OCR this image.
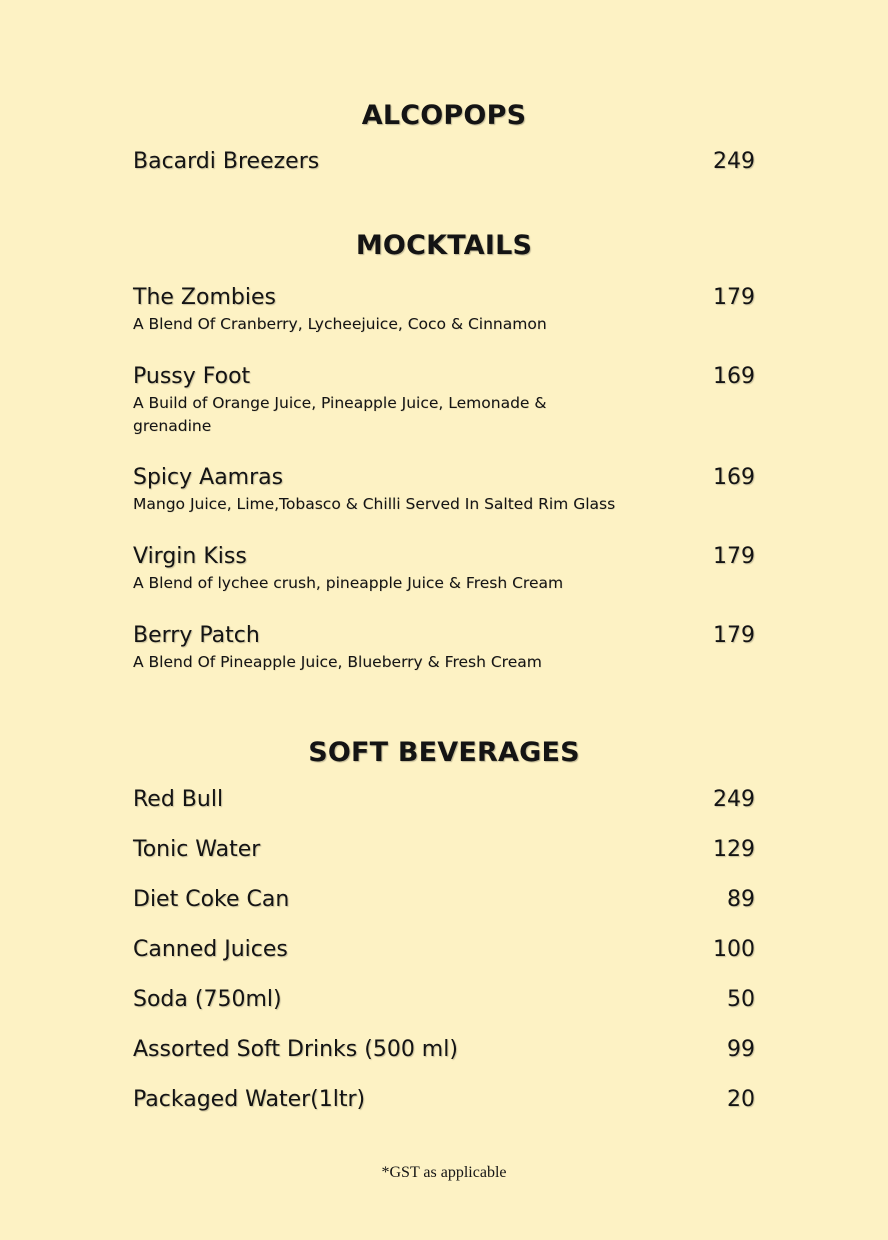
ALCOPOPS
Bacardi Breezers	249
MOCKTAILS
The Zombies	179
A Blend Of Cranberry, Lycheejuice, Coco & Cinnamon
Pussy Foot	169
A Build of Orange Juice, Pineapple Juice, Lemonade & grenadine
Spicy Aamras	169
Mango Juice, Lime,Tobasco & Chilli Served In Salted Rim Glass
Virgin Kiss	179
A Blend of lychee crush, pineapple Juice & Fresh Cream
Berry Patch	179
A Blend Of Pineapple Juice, Blueberry & Fresh Cream
SOFT BEVERAGES
Red Bull	249
Tonic Water	129
Diet Coke Can	89
Canned Juices	100
Soda (750ml)	50
Assorted Soft Drinks (500 ml)	99
Packaged Water(1ltr)	20
*GST as applicable
